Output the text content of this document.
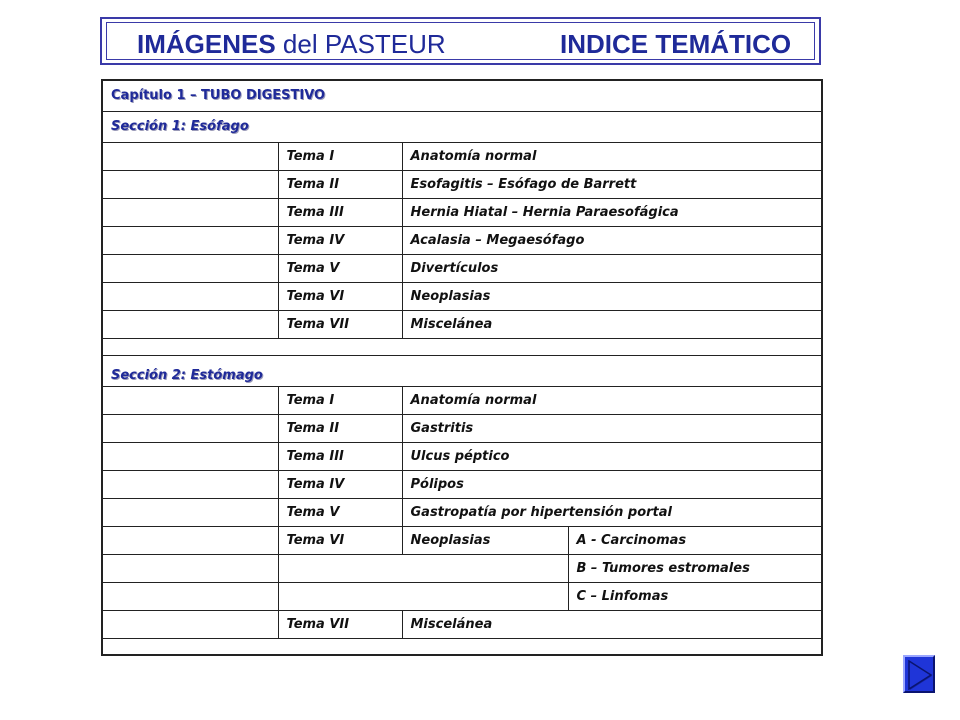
IMÁGENES del PASTEUR	INDICE TEMÁTICO
Capítulo 1 – TUBO DIGESTIVO			
Sección 1: Esófago			
	Tema I	Anatomía normal	
	Tema II	Esofagitis – Esófago de Barrett	
	Tema III	Hernia Hiatal – Hernia Paraesofágica	
	Tema IV	Acalasia – Megaesófago	
	Tema V	Divertículos	
	Tema VI	Neoplasias	
	Tema VII	Miscelánea	

Sección 2: Estómago			
	Tema I	Anatomía normal	
	Tema II	Gastritis	
	Tema III	Ulcus péptico	
	Tema IV	Pólipos	
	Tema V	Gastropatía por hipertensión portal	
	Tema VI	Neoplasias	A - Carcinomas
			B – Tumores estromales
			C – Linfomas
	Tema VII	Miscelánea	
